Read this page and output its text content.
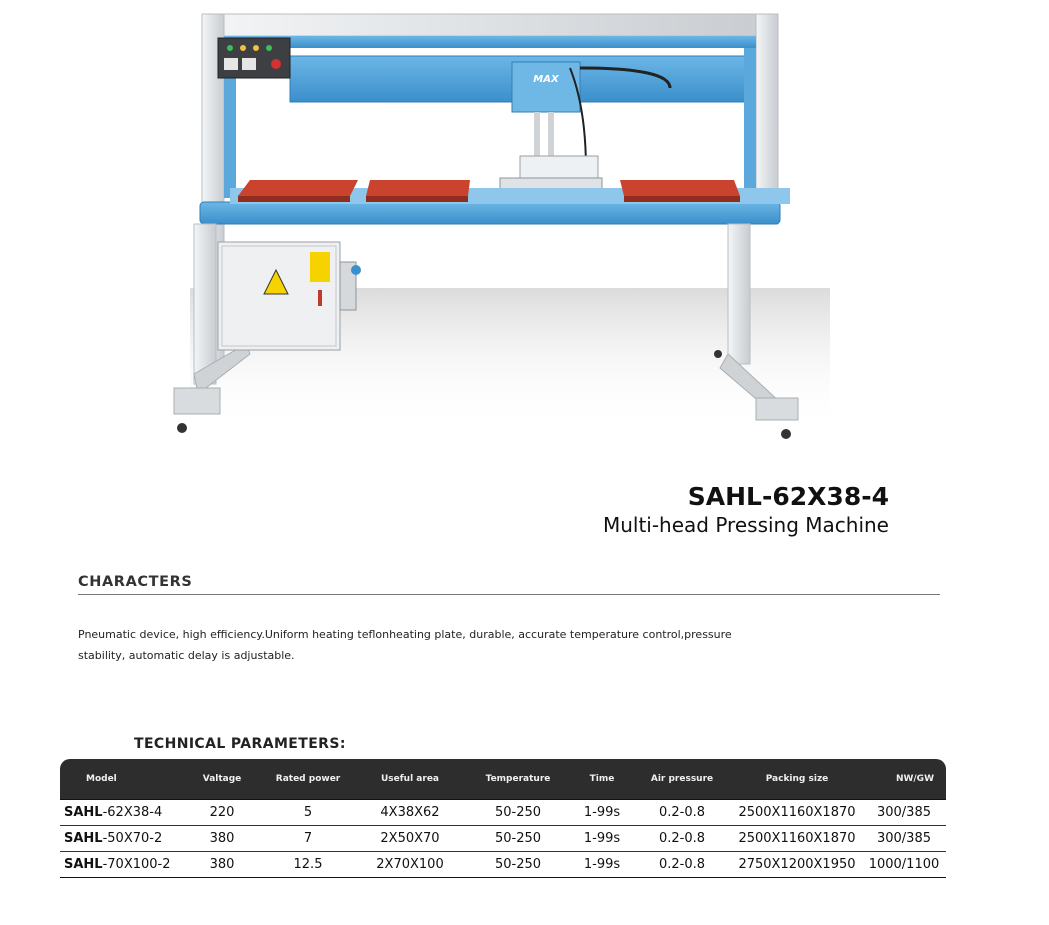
MAX
SAHL-62X38-4

Multi-head Pressing Machine

CHARACTERS

Pneumatic device, high efficiency.Uniform heating teflonheating plate, durable, accurate temperature control,pressure stability, automatic delay is adjustable.

TECHNICAL PARAMETERS:
Model	Valtage	Rated power	Useful area	Temperature	Time	Air pressure	Packing size	NW/GW
SAHL-62X38-4	220	5	4X38X62	50-250	1-99s	0.2-0.8	2500X1160X1870	300/385
SAHL-50X70-2	380	7	2X50X70	50-250	1-99s	0.2-0.8	2500X1160X1870	300/385
SAHL-70X100-2	380	12.5	2X70X100	50-250	1-99s	0.2-0.8	2750X1200X1950	1000/1100
